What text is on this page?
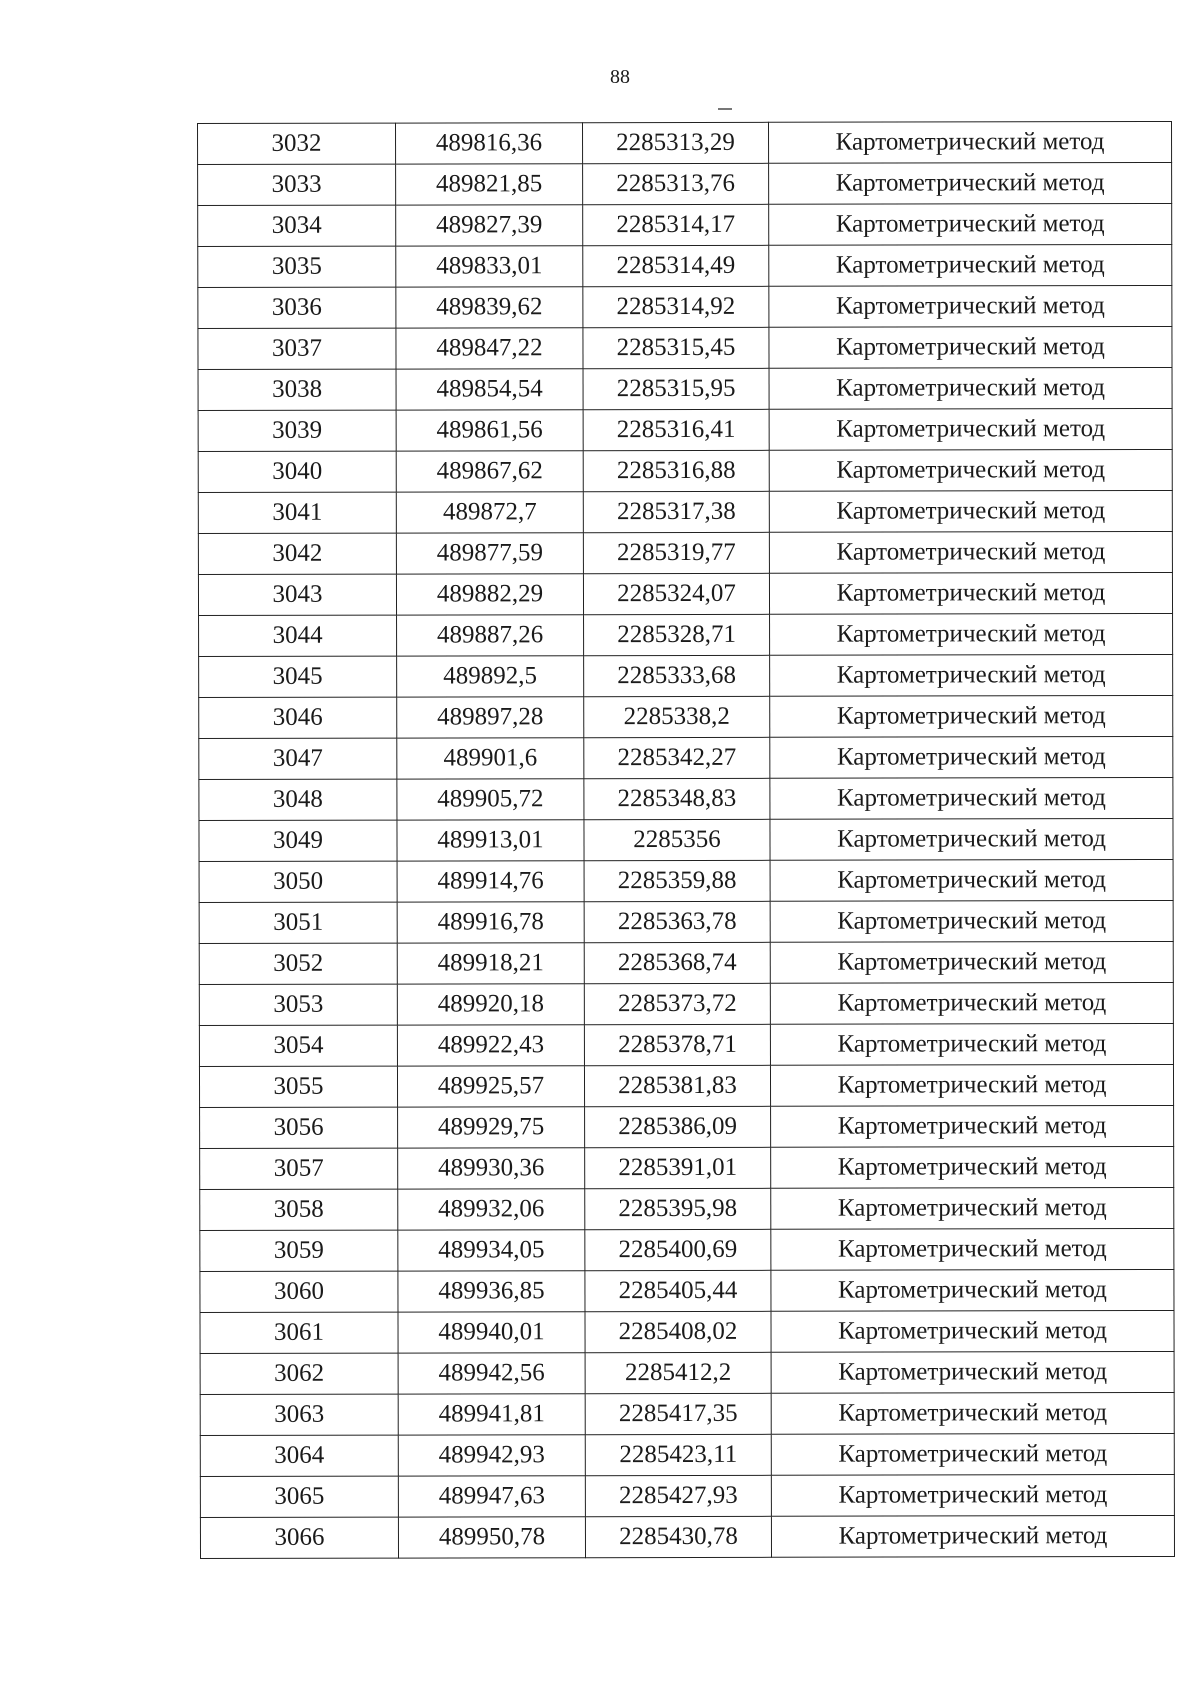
88
3032	489816,36	2285313,29	Картометрический метод
3033	489821,85	2285313,76	Картометрический метод
3034	489827,39	2285314,17	Картометрический метод
3035	489833,01	2285314,49	Картометрический метод
3036	489839,62	2285314,92	Картометрический метод
3037	489847,22	2285315,45	Картометрический метод
3038	489854,54	2285315,95	Картометрический метод
3039	489861,56	2285316,41	Картометрический метод
3040	489867,62	2285316,88	Картометрический метод
3041	489872,7	2285317,38	Картометрический метод
3042	489877,59	2285319,77	Картометрический метод
3043	489882,29	2285324,07	Картометрический метод
3044	489887,26	2285328,71	Картометрический метод
3045	489892,5	2285333,68	Картометрический метод
3046	489897,28	2285338,2	Картометрический метод
3047	489901,6	2285342,27	Картометрический метод
3048	489905,72	2285348,83	Картометрический метод
3049	489913,01	2285356	Картометрический метод
3050	489914,76	2285359,88	Картометрический метод
3051	489916,78	2285363,78	Картометрический метод
3052	489918,21	2285368,74	Картометрический метод
3053	489920,18	2285373,72	Картометрический метод
3054	489922,43	2285378,71	Картометрический метод
3055	489925,57	2285381,83	Картометрический метод
3056	489929,75	2285386,09	Картометрический метод
3057	489930,36	2285391,01	Картометрический метод
3058	489932,06	2285395,98	Картометрический метод
3059	489934,05	2285400,69	Картометрический метод
3060	489936,85	2285405,44	Картометрический метод
3061	489940,01	2285408,02	Картометрический метод
3062	489942,56	2285412,2	Картометрический метод
3063	489941,81	2285417,35	Картометрический метод
3064	489942,93	2285423,11	Картометрический метод
3065	489947,63	2285427,93	Картометрический метод
3066	489950,78	2285430,78	Картометрический метод
